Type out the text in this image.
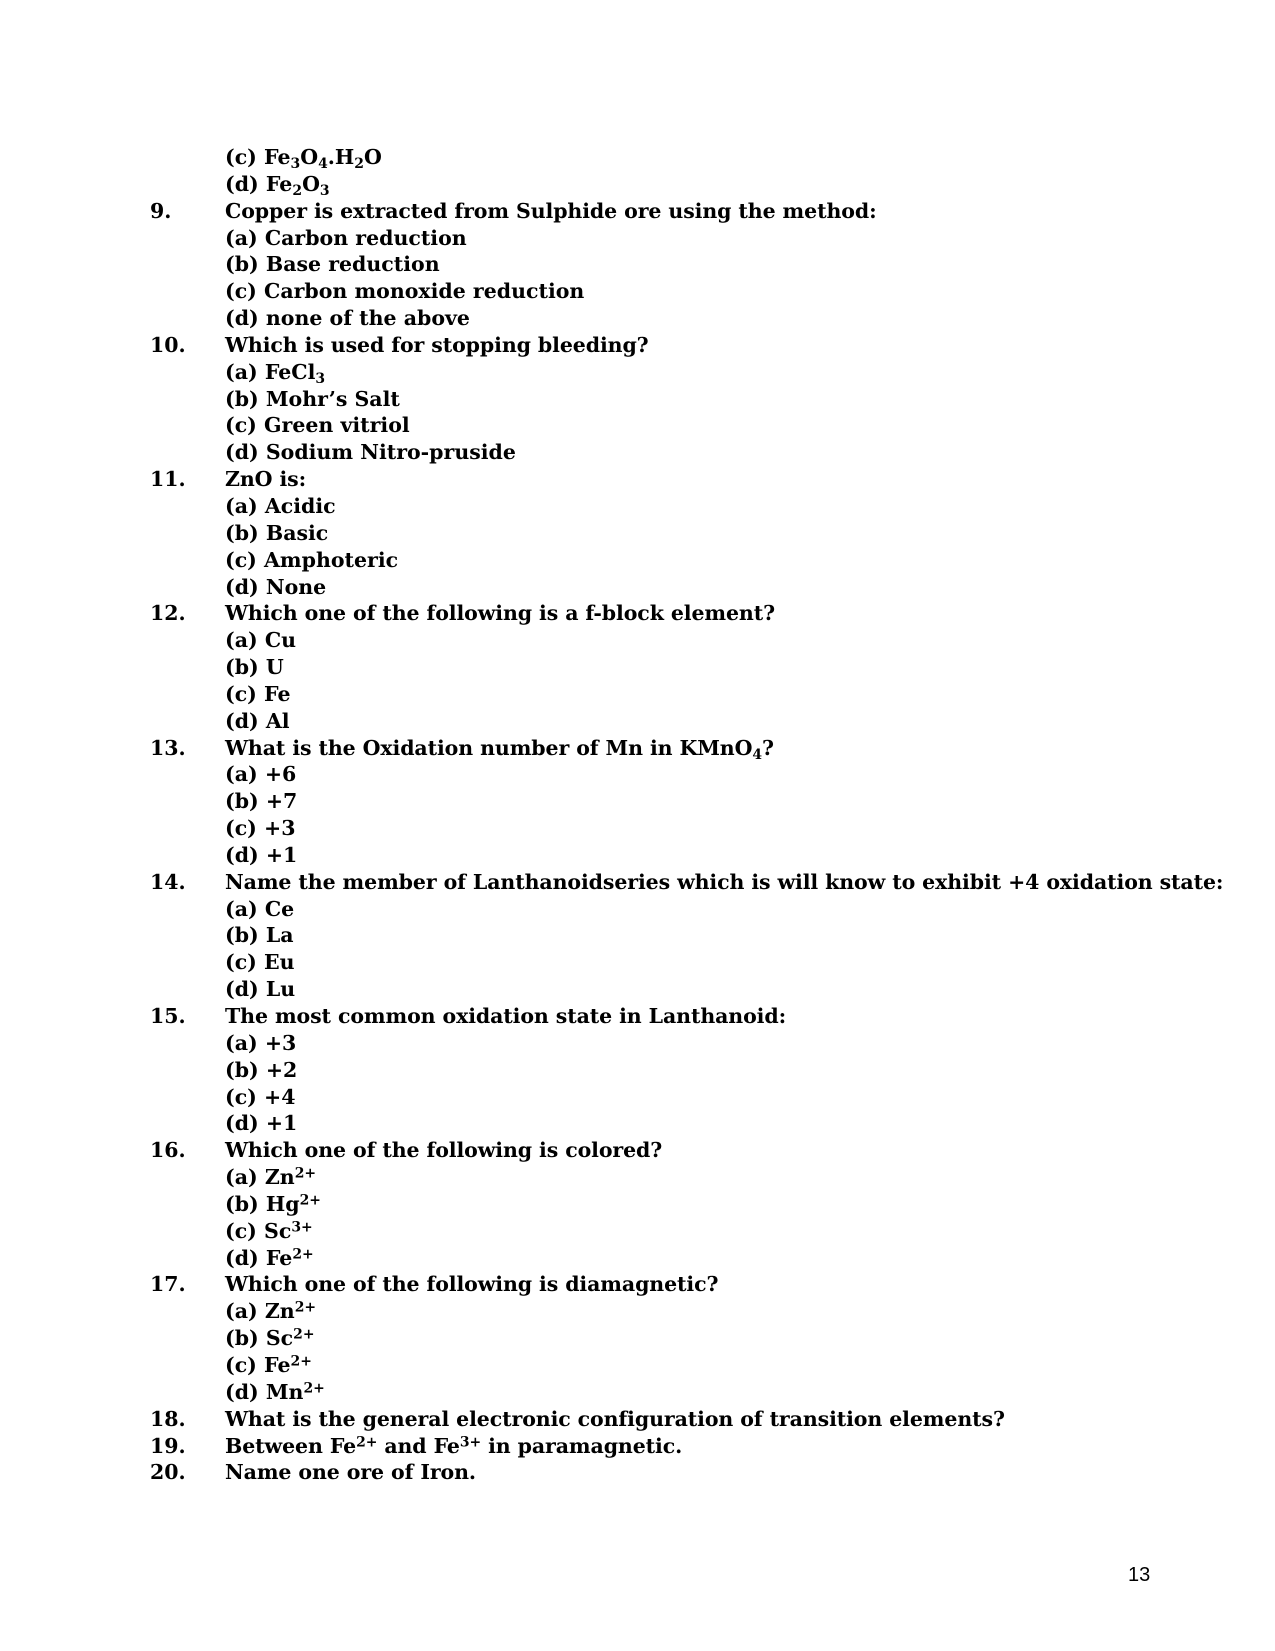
(c) $Fe_3O_4.H_2O$
(d) $Fe_2O_3$
9.	Copper is extracted from Sulphide ore using the method:
(a) Carbon reduction
(b) Base reduction
(c) Carbon monoxide reduction
(d) none of the above
10. Which is used for stopping bleeding?
(a) FeCl$_3$
(b) Mohr’s Salt
(c) Green vitriol
(d) Sodium Nitro-pruside
11. ZnO is:
(a) Acidic
(b) Basic
(c) Amphoteric
(d) None
12. Which one of the following is a f-block element?
(a) Cu
(b) U
(c) Fe
(d) Al
13. What is the Oxidation number of Mn in KMnO$_4$?
(a) +6
(b) +7
(c) +3
(d) +1
14. Name the member of Lanthanoidseries which is will know to exhibit +4 oxidation state:
(a) Ce
(b) La
(c) Eu
(d) Lu
15. The most common oxidation state in Lanthanoid:
(a) +3
(b) +2
(c) +4
(d) +1
16. Which one of the following is colored?
(a) $Zn^{2+}$
(b) $Hg^{2+}$
(c) $Sc^{3+}$
(d) $Fe^{2+}$
17. Which one of the following is diamagnetic?
(a) $Zn^{2+}$
(b) $Sc^{2+}$
(c) $Fe^{2+}$
(d) $Mn^{2+}$
18. What is the general electronic configuration of transition elements?
19. Between $Fe^{2+}$ and $Fe^{3+}$ in paramagnetic.
20. Name one ore of Iron.
13
